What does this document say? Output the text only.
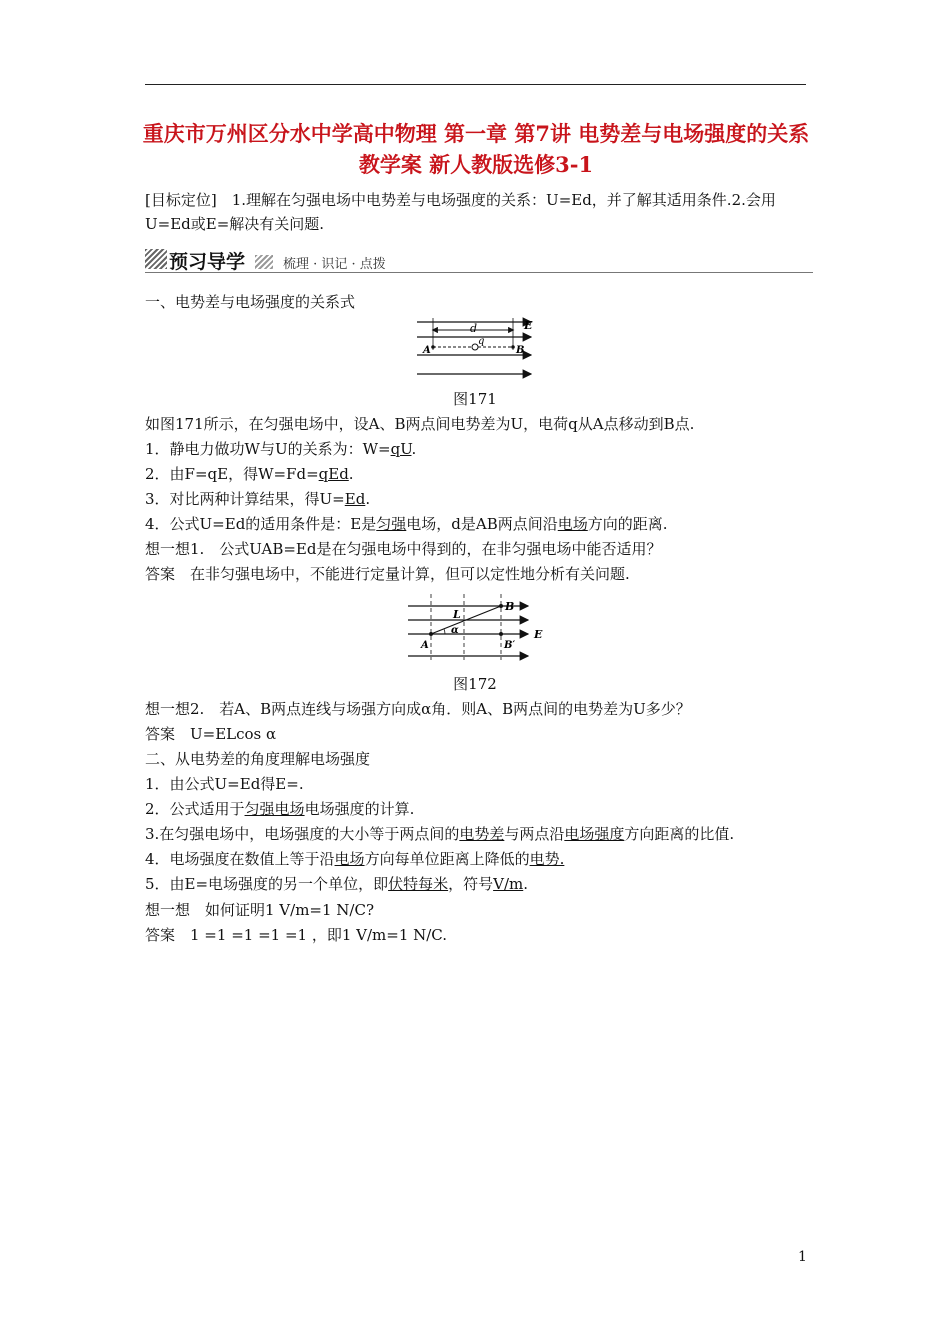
重庆市万州区分水中学高中物理 第一章 第7讲 电势差与电场强度的关系教学案 新人教版选修3-1
[目标定位]　 1.理解在匀强电场中电势差与电场强度的关系：U=Ed，并了解其适用条件.2.会用U=Ed或E=解决有关问题.
预习导学	梳理 · 识记 · 点拨
一、电势差与电场强度的关系式
d	E
A
q
B
图171
如图171所示，在匀强电场中，设A、B两点间电势差为U，电荷q从A点移动到B点.
1．静电力做功W与U的关系为：W=qU.
2．由F=qE，得W=Fd=qEd.
3．对比两种计算结果，得U=Ed.
4．公式U=Ed的适用条件是：E是匀强电场，d是AB两点间沿电场方向的距离.
想一想1.　公式UAB=Ed是在匀强电场中得到的，在非匀强电场中能否适用？
答案　在非匀强电场中，不能进行定量计算，但可以定性地分析有关问题.
L
B
α	E
A	B′
图172
想一想2.　若A、B两点连线与场强方向成α角．则A、B两点间的电势差为U多少？
答案　U=ELcos α
二、从电势差的角度理解电场强度
1．由公式U=Ed得E=.
2．公式适用于匀强电场电场强度的计算.
3.在匀强电场中，电场强度的大小等于两点间的电势差与两点沿电场强度方向距离的比值.
4．电场强度在数值上等于沿电场方向每单位距离上降低的电势.
5．由E=电场强度的另一个单位，即伏特每米，符号V/m.
想一想　如何证明1 V/m=1 N/C?
答案　1 =1 =1 =1 =1 ，即1 V/m=1 N/C.
1
